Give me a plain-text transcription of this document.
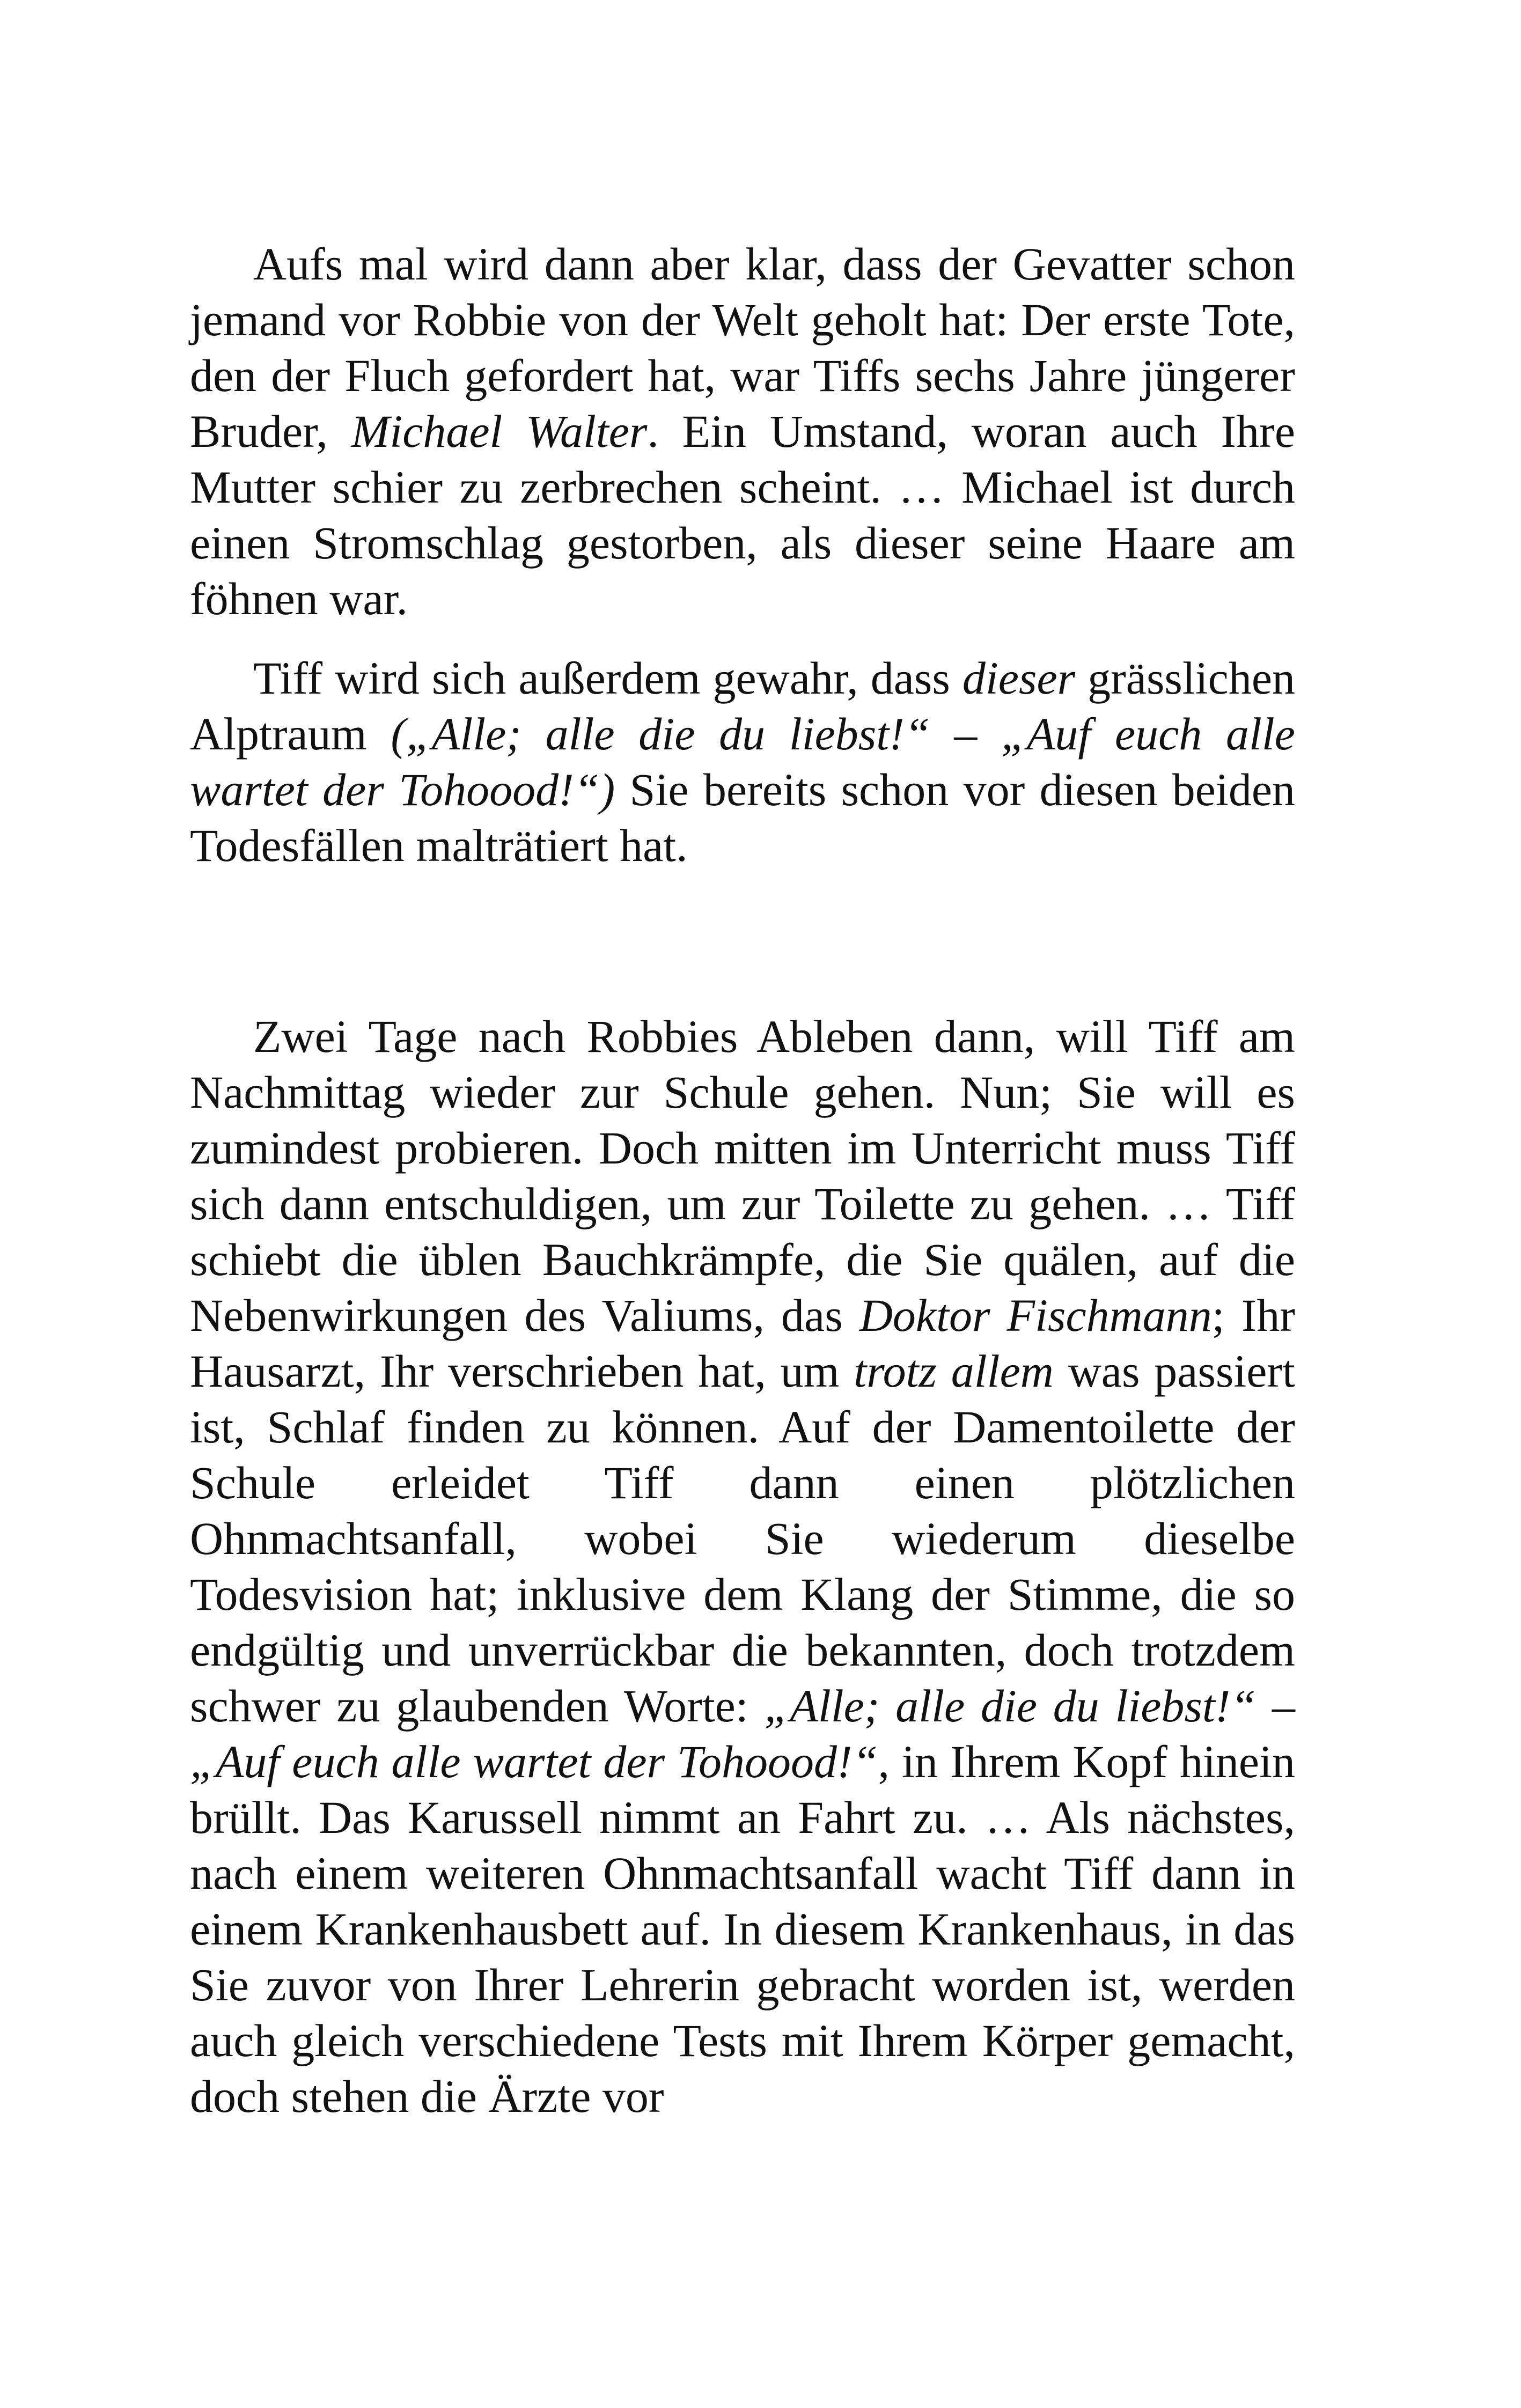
Aufs mal wird dann aber klar, dass der Gevatter schon jemand vor Robbie von der Welt geholt hat: Der erste Tote, den der Fluch gefordert hat, war Tiffs sechs Jahre jüngerer Bruder, Michael Walter. Ein Umstand, woran auch Ihre Mutter schier zu zerbrechen scheint. … Michael ist durch einen Stromschlag gestorben, als dieser seine Haare am föhnen war.

Tiff wird sich außerdem gewahr, dass dieser grässlichen Alptraum („Alle; alle die du liebst!“ – „Auf euch alle wartet der Tohoood!“) Sie bereits schon vor diesen beiden Todesfällen malträtiert hat.

Zwei Tage nach Robbies Ableben dann, will Tiff am Nachmittag wieder zur Schule gehen. Nun; Sie will es zumindest probieren. Doch mitten im Unterricht muss Tiff sich dann entschuldigen, um zur Toilette zu gehen. … Tiff schiebt die üblen Bauchkrämpfe, die Sie quälen, auf die Nebenwirkungen des Valiums, das Doktor Fischmann; Ihr Hausarzt, Ihr verschrieben hat, um trotz allem was passiert ist, Schlaf finden zu können. Auf der Damentoilette der Schule erleidet Tiff dann einen plötzlichen Ohnmachtsanfall, wobei Sie wiederum dieselbe Todesvision hat; inklusive dem Klang der Stimme, die so endgültig und unverrückbar die bekannten, doch trotzdem schwer zu glaubenden Worte: „Alle; alle die du liebst!“ – „Auf euch alle wartet der Tohoood!“, in Ihrem Kopf hinein brüllt. Das Karussell nimmt an Fahrt zu. … Als nächstes, nach einem weiteren Ohnmachtsanfall wacht Tiff dann in einem Krankenhausbett auf. In diesem Krankenhaus, in das Sie zuvor von Ihrer Lehrerin gebracht worden ist, werden auch gleich verschiedene Tests mit Ihrem Körper gemacht, doch stehen die Ärzte vor
